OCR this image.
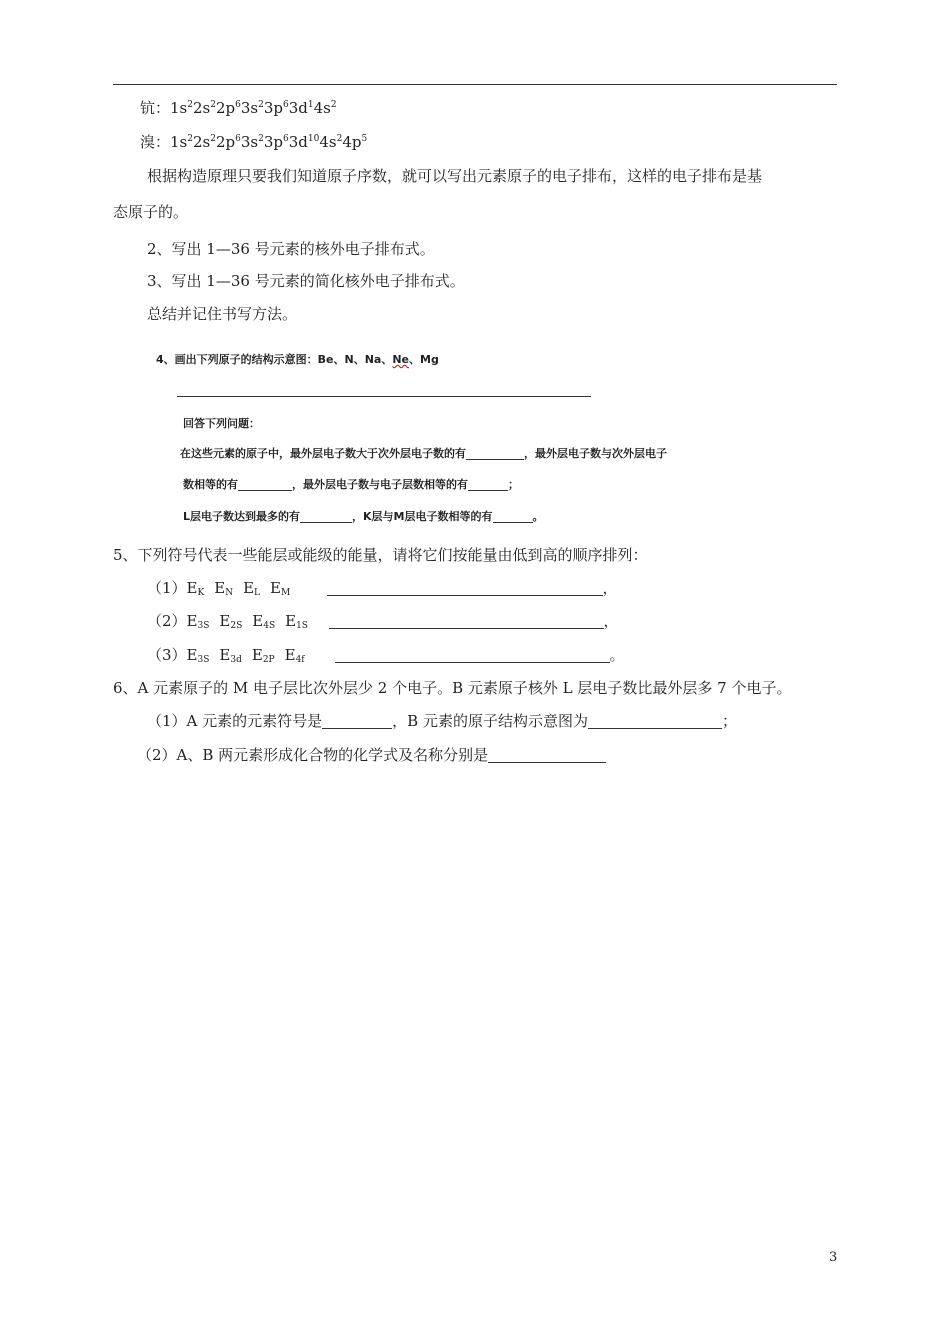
钪：$1s^22s^22p^63s^23p^63d^14s^2$
溴：$1s^22s^22p^63s^23p^63d^{10}4s^24p^5$
根据构造原理只要我们知道原子序数，就可以写出元素原子的电子排布，这样的电子排布是基
态原子的。
2、写出 1—36 号元素的核外电子排布式。
3、写出 1—36 号元素的简化核外电子排布式。
总结并记住书写方法。
4、画出下列原子的结构示意图：Be、N、Na、Ne、Mg
回答下列问题：
在这些元素的原子中，最外层电子数大于次外层电子数的有	，最外层电子数与次外层电子
数相等的有	，最外层电子数与电子层数相等的有	；
L层电子数达到最多的有	，K层与M层电子数相等的有	。
5、下列符号代表一些能层或能级的能量，请将它们按能量由低到高的顺序排列：
$(1)E_K$ $E_N$ $E_L$ $E_M$	，
$(2)E_{3S}$ $E_{2S}$ $E_{4S}$ $E_{1S}$	，
$(3)E_{3S}$ $E_{3d}$ $E_{2P}$ $E_{4f}$	。
6、A 元素原子的 M 电子层比次外层少 2 个电子。B 元素原子核外 L 层电子数比最外层多 7 个电子。
（1）A 元素的元素符号是	，B 元素的原子结构示意图为	；
（2）A、B 两元素形成化合物的化学式及名称分别是
3
